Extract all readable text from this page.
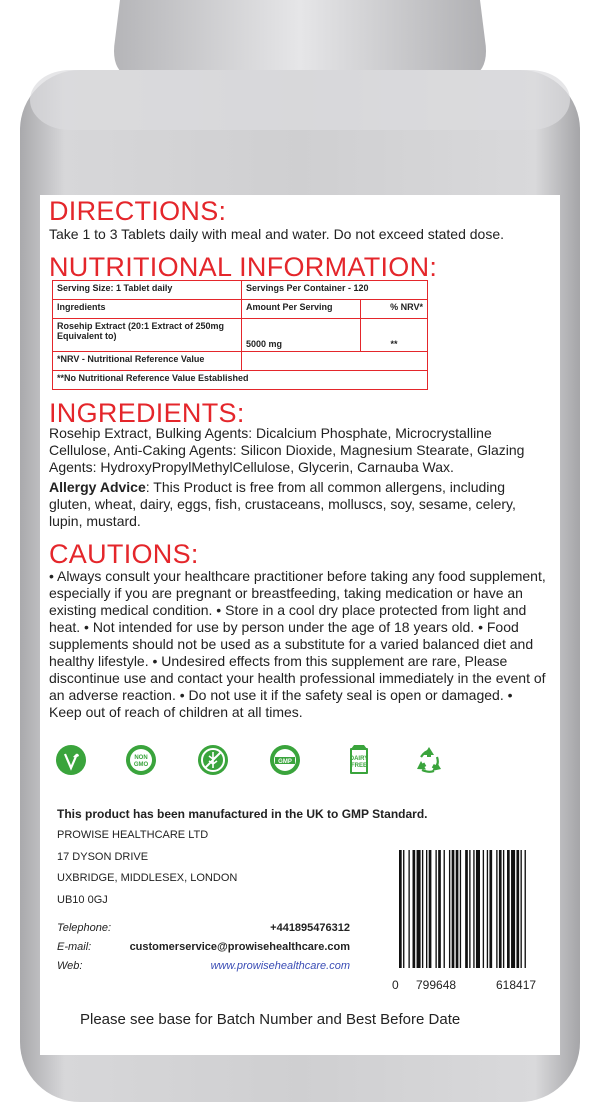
DIRECTIONS:
Take 1 to 3 Tablets daily with meal and water. Do not exceed stated dose.
NUTRITIONAL INFORMATION:
Serving Size: 1 Tablet daily	Servings Per Container - 120	
Ingredients	Amount Per Serving	% NRV*
Rosehip Extract (20:1 Extract of 250mg Equivalent to)	5000 mg	**
*NRV - Nutritional Reference Value		
**No Nutritional Reference Value Established		
INGREDIENTS:
Rosehip Extract, Bulking Agents: Dicalcium Phosphate, Microcrystalline Cellulose, Anti-Caking Agents: Silicon Dioxide, Magnesium Stearate, Glazing Agents: HydroxyPropylMethylCellulose, Glycerin, Carnauba Wax.
Allergy Advice: This Product is free from all common allergens, including gluten, wheat, dairy, eggs, fish, crustaceans, molluscs, soy, sesame, celery, lupin, mustard.
CAUTIONS:
• Always consult your healthcare practitioner before taking any food supplement, especially if you are pregnant or breastfeeding, taking medication or have an existing medical condition. • Store in a cool dry place protected from light and heat. • Not intended for use by person under the age of 18 years old. • Food supplements should not be used as a substitute for a varied balanced diet and healthy lifestyle. • Undesired effects from this supplement are rare, Please discontinue use and contact your health professional immediately in the event of an adverse reaction. • Do not use it if the safety seal is open or damaged. • Keep out of reach of children at all times.
NON
GMO	GMP	DAIRY
FREE
This product has been manufactured in the UK to GMP Standard.
PROWISE HEALTHCARE LTD
17 DYSON DRIVE
UXBRIDGE, MIDDLESEX, LONDON
UB10 0GJ
Telephone:	+441895476312
E-mail:	customerservice@prowisehealthcare.com
Web:	www.prowisehealthcare.com
0 799648	618417
Please see base for Batch Number and Best Before Date
